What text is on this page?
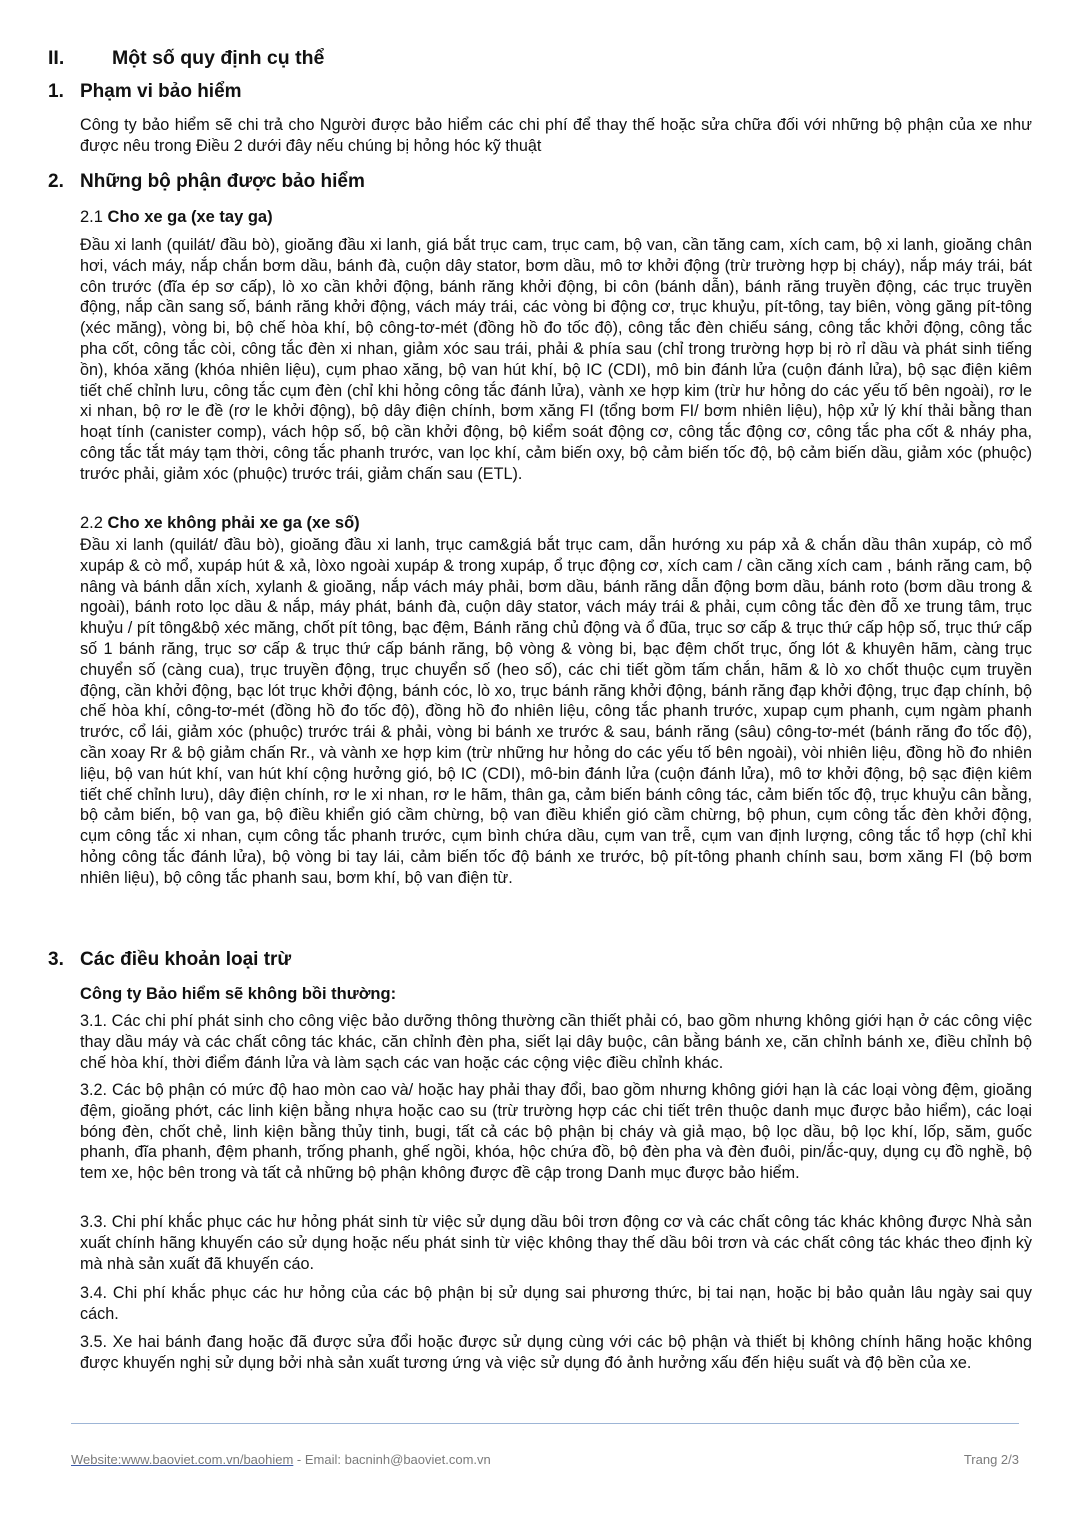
II. Một số quy định cụ thể
1. Phạm vi bảo hiểm

Công ty bảo hiểm sẽ chi trả cho Người được bảo hiểm các chi phí để thay thế hoặc sửa chữa đối với những bộ phận của xe như được nêu trong Điều 2 dưới đây nếu chúng bị hỏng hóc kỹ thuật

2. Những bộ phận được bảo hiểm
2.1 Cho xe ga (xe tay ga)

Đầu xi lanh (quilát/ đầu bò), gioăng đầu xi lanh, giá bắt trục cam, trục cam, bộ van, cần tăng cam, xích cam, bộ xi lanh, gioăng chân hơi, vách máy, nắp chắn bơm dầu, bánh đà, cuộn dây stator, bơm dầu, mô tơ khởi động (trừ trường hợp bị cháy), nắp máy trái, bát côn trước (đĩa ép sơ cấp), lò xo cần khởi động, bánh răng khởi động, bi côn (bánh dẫn), bánh răng truyền động, các trục truyền động, nắp cần sang số, bánh răng khởi động, vách máy trái, các vòng bi động cơ, trục khuỷu, pít-tông, tay biên, vòng găng pít-tông (xéc măng), vòng bi, bộ chế hòa khí, bộ công-tơ-mét (đồng hồ đo tốc độ), công tắc đèn chiếu sáng, công tắc khởi động, công tắc pha cốt, công tắc còi, công tắc đèn xi nhan, giảm xóc sau trái, phải & phía sau (chỉ trong trường hợp bị rò rỉ dầu và phát sinh tiếng ồn), khóa xăng (khóa nhiên liệu), cụm phao xăng, bộ van hút khí, bộ IC (CDI), mô bin đánh lửa (cuộn đánh lửa), bộ sạc điện kiêm tiết chế chỉnh lưu, công tắc cụm đèn (chỉ khi hỏng công tắc đánh lửa), vành xe hợp kim (trừ hư hỏng do các yếu tố bên ngoài), rơ le xi nhan, bộ rơ le đề (rơ le khởi động), bộ dây điện chính, bơm xăng FI (tổng bơm FI/ bơm nhiên liệu), hộp xử lý khí thải bằng than hoạt tính (canister comp), vách hộp số, bộ cần khởi động, bộ kiểm soát động cơ, công tắc động cơ, công tắc pha cốt & nháy pha, công tắc tắt máy tạm thời, công tắc phanh trước, van lọc khí, cảm biến oxy, bộ cảm biến tốc độ, bộ cảm biến dầu, giảm xóc (phuộc) trước phải, giảm xóc (phuộc) trước trái, giảm chấn sau (ETL).

2.2 Cho xe không phải xe ga (xe số)

Đầu xi lanh (quilát/ đầu bò), gioăng đầu xi lanh, trục cam&giá bắt trục cam, dẫn hướng xu páp xả & chắn dầu thân xupáp, cò mổ xupáp & cò mổ, xupáp hút & xả, lòxo ngoài xupáp & trong xupáp, ổ trục động cơ, xích cam / cần căng xích cam , bánh răng cam, bộ nâng và bánh dẫn xích, xylanh & gioăng, nắp vách máy phải, bơm dầu, bánh răng dẫn động bơm dầu, bánh roto (bơm dầu trong & ngoài), bánh roto lọc dầu & nắp, máy phát, bánh đà, cuộn dây stator, vách máy trái & phải, cụm công tắc đèn đỗ xe trung tâm, trục khuỷu / pít tông&bộ xéc măng, chốt pít tông, bạc đệm, Bánh răng chủ động và ổ đũa, trục sơ cấp & trục thứ cấp hộp số, trục thứ cấp số 1 bánh răng, trục sơ cấp & trục thứ cấp bánh răng, bộ vòng & vòng bi, bạc đệm chốt trục, ống lót & khuyên hãm, càng trục chuyển số (càng cua), trục truyền động, trục chuyển số (heo số), các chi tiết gồm tấm chắn, hãm & lò xo chốt thuộc cụm truyền động, cần khởi động, bạc lót trục khởi động, bánh cóc, lò xo, trục bánh răng khởi động, bánh răng đạp khởi động, trục đạp chính, bộ chế hòa khí, công-tơ-mét (đồng hồ đo tốc độ), đồng hồ đo nhiên liệu, công tắc phanh trước, xupap cụm phanh, cụm ngàm phanh trước, cổ lái, giảm xóc (phuộc) trước trái & phải, vòng bi bánh xe trước & sau, bánh răng (sâu) công-tơ-mét (bánh răng đo tốc độ), cần xoay Rr & bộ giảm chấn Rr., và vành xe hợp kim (trừ những hư hỏng do các yếu tố bên ngoài), vòi nhiên liệu, đồng hồ đo nhiên liệu, bộ van hút khí, van hút khí cộng hưởng gió, bộ IC (CDI), mô-bin đánh lửa (cuộn đánh lửa), mô tơ khởi động, bộ sạc điện kiêm tiết chế chỉnh lưu), dây điện chính, rơ le xi nhan, rơ le hãm, thân ga, cảm biến bánh công tác, cảm biến tốc độ, trục khuỷu cân bằng, bộ cảm biến, bộ van ga, bộ điều khiển gió cầm chừng, bộ van điều khiển gió cầm chừng, bộ phun, cụm công tắc đèn khởi động, cụm công tắc xi nhan, cụm công tắc phanh trước, cụm bình chứa dầu, cụm van trễ, cụm van định lượng, công tắc tổ hợp (chỉ khi hỏng công tắc đánh lửa), bộ vòng bi tay lái, cảm biến tốc độ bánh xe trước, bộ pít-tông phanh chính sau, bơm xăng FI (bộ bơm nhiên liệu), bộ công tắc phanh sau, bơm khí, bộ van điện từ.

3. Các điều khoản loại trừ
Công ty Bảo hiểm sẽ không bồi thường:

3.1. Các chi phí phát sinh cho công việc bảo dưỡng thông thường cần thiết phải có, bao gồm nhưng không giới hạn ở các công việc thay dầu máy và các chất công tác khác, căn chỉnh đèn pha, siết lại dây buộc, cân bằng bánh xe, căn chỉnh bánh xe, điều chỉnh bộ chế hòa khí, thời điểm đánh lửa và làm sạch các van hoặc các cộng việc điều chỉnh khác.

3.2. Các bộ phận có mức độ hao mòn cao và/ hoặc hay phải thay đổi, bao gồm nhưng không giới hạn là các loại vòng đệm, gioăng đệm, gioăng phớt, các linh kiện bằng nhựa hoặc cao su (trừ trường hợp các chi tiết trên thuộc danh mục được bảo hiểm), các loại bóng đèn, chốt chẻ, linh kiện bằng thủy tinh, bugi, tất cả các bộ phận bị cháy và giả mạo, bộ lọc dầu, bộ lọc khí, lốp, săm, guốc phanh, đĩa phanh, đệm phanh, trống phanh, ghế ngồi, khóa, hộc chứa đồ, bộ đèn pha và đèn đuôi, pin/ắc-quy, dụng cụ đồ nghề, bộ tem xe, hộc bên trong và tất cả những bộ phận không được đề cập trong Danh mục được bảo hiểm.

3.3. Chi phí khắc phục các hư hỏng phát sinh từ việc sử dụng dầu bôi trơn động cơ và các chất công tác khác không được Nhà sản xuất chính hãng khuyến cáo sử dụng hoặc nếu phát sinh từ việc không thay thế dầu bôi trơn và các chất công tác khác theo định kỳ mà nhà sản xuất đã khuyến cáo.

3.4. Chi phí khắc phục các hư hỏng của các bộ phận bị sử dụng sai phương thức, bị tai nạn, hoặc bị bảo quản lâu ngày sai quy cách.

3.5. Xe hai bánh đang hoặc đã được sửa đổi hoặc được sử dụng cùng với các bộ phận và thiết bị không chính hãng hoặc không được khuyến nghị sử dụng bởi nhà sản xuất tương ứng và việc sử dụng đó ảnh hưởng xấu đến hiệu suất và độ bền của xe.

Website:www.baoviet.com.vn/baohiem - Email: bacninh@baoviet.com.vn	Trang 2/3
